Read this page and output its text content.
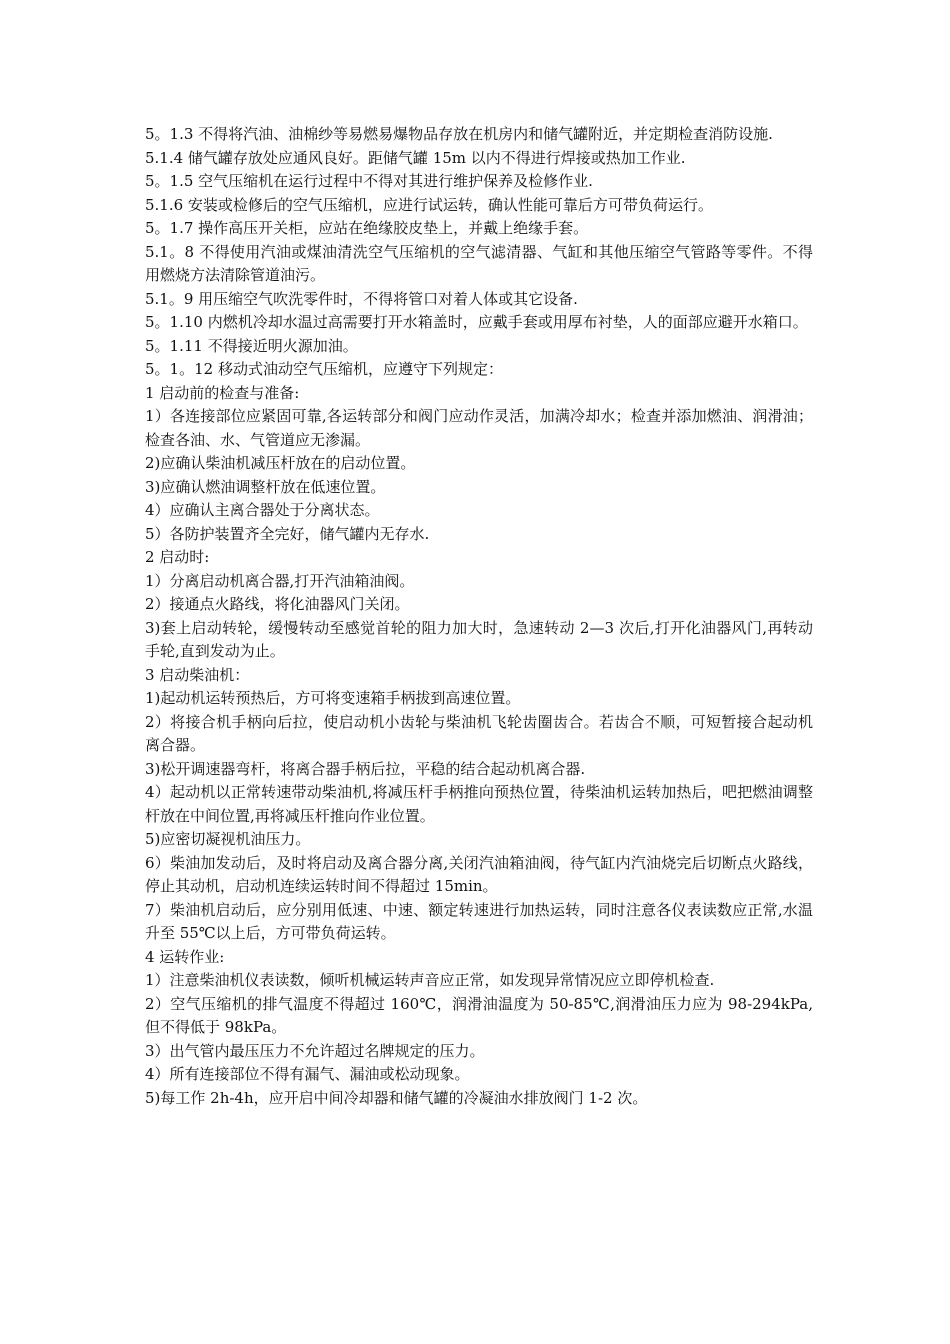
5。1.3 不得将汽油、油棉纱等易燃易爆物品存放在机房内和储气罐附近，并定期检查消防设施.

5.1.4 储气罐存放处应通风良好。距储气罐 15m 以内不得进行焊接或热加工作业.

5。1.5 空气压缩机在运行过程中不得对其进行维护保养及检修作业.

5.1.6 安装或检修后的空气压缩机，应进行试运转，确认性能可靠后方可带负荷运行。

5。1.7 操作高压开关柜，应站在绝缘胶皮垫上，并戴上绝缘手套。

5.1。8 不得使用汽油或煤油清洗空气压缩机的空气滤清器、气缸和其他压缩空气管路等零件。不得用燃烧方法清除管道油污。

5.1。9 用压缩空气吹洗零件时，不得将管口对着人体或其它设备.

5。1.10 内燃机冷却水温过高需要打开水箱盖时，应戴手套或用厚布衬垫，人的面部应避开水箱口。

5。1.11 不得接近明火源加油。

5。1。12 移动式油动空气压缩机，应遵守下列规定：

1 启动前的检查与准备:

1）各连接部位应紧固可靠,各运转部分和阀门应动作灵活，加满冷却水；检查并添加燃油、润滑油；检查各油、水、气管道应无渗漏。

2)应确认柴油机减压杆放在的启动位置。

3)应确认燃油调整杆放在低速位置。

4）应确认主离合器处于分离状态。

5）各防护装置齐全完好，储气罐内无存水.

2 启动时:

1）分离启动机离合器,打开汽油箱油阀。

2）接通点火路线，将化油器风门关闭。

3)套上启动转轮，缓慢转动至感觉首轮的阻力加大时，急速转动 2—3 次后,打开化油器风门,再转动手轮,直到发动为止。

3 启动柴油机：

1)起动机运转预热后，方可将变速箱手柄拔到高速位置。

2）将接合机手柄向后拉，使启动机小齿轮与柴油机飞轮齿圈齿合。若齿合不顺，可短暂接合起动机离合器。

3)松开调速器弯杆，将离合器手柄后拉，平稳的结合起动机离合器.

4）起动机以正常转速带动柴油机,将减压杆手柄推向预热位置，待柴油机运转加热后，吧把燃油调整杆放在中间位置,再将减压杆推向作业位置。

5)应密切凝视机油压力。

6）柴油加发动后，及时将启动及离合器分离,关闭汽油箱油阀，待气缸内汽油烧完后切断点火路线，停止其动机，启动机连续运转时间不得超过 15min。

7）柴油机启动后，应分别用低速、中速、额定转速进行加热运转，同时注意各仪表读数应正常,水温升至 55℃以上后，方可带负荷运转。

4 运转作业:

1）注意柴油机仪表读数，倾听机械运转声音应正常，如发现异常情况应立即停机检查.

2）空气压缩机的排气温度不得超过 160℃，润滑油温度为 50-85℃,润滑油压力应为 98-294kPa,但不得低于 98kPa。

3）出气管内最压压力不允许超过名牌规定的压力。

4）所有连接部位不得有漏气、漏油或松动现象。

5)每工作 2h-4h，应开启中间冷却器和储气罐的冷凝油水排放阀门 1-2 次。
